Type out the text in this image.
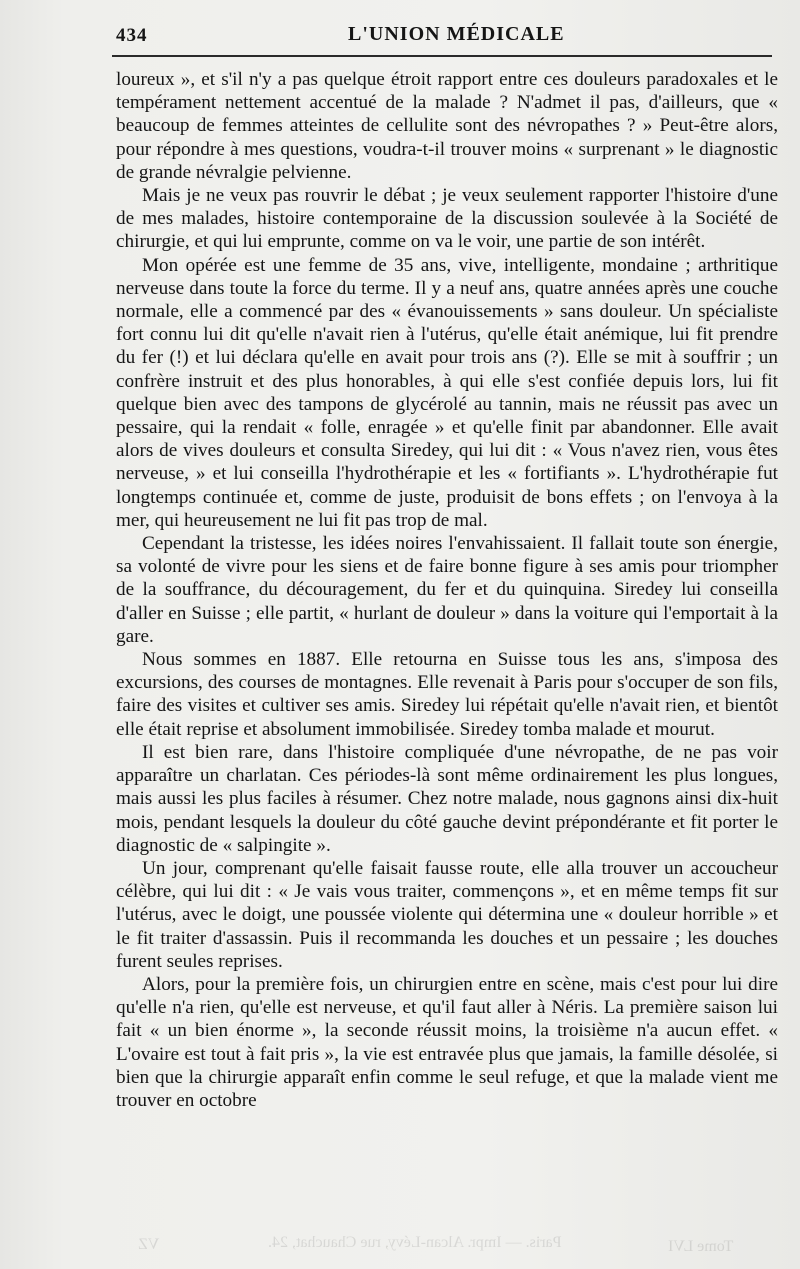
434	L'UNION MÉDICALE

loureux », et s'il n'y a pas quelque étroit rapport entre ces douleurs paradoxales et le tempérament nettement accentué de la malade ? N'admet il pas, d'ailleurs, que « beaucoup de femmes atteintes de cellulite sont des névropathes ? » Peut-être alors, pour répondre à mes questions, voudra-t-il trouver moins « surprenant » le diagnostic de grande névralgie pelvienne.

Mais je ne veux pas rouvrir le débat ; je veux seulement rapporter l'histoire d'une de mes malades, histoire contemporaine de la discussion soulevée à la Société de chirurgie, et qui lui emprunte, comme on va le voir, une partie de son intérêt.

Mon opérée est une femme de 35 ans, vive, intelligente, mondaine ; arthritique nerveuse dans toute la force du terme. Il y a neuf ans, quatre années après une couche normale, elle a commencé par des « évanouissements » sans douleur. Un spécialiste fort connu lui dit qu'elle n'avait rien à l'utérus, qu'elle était anémique, lui fit prendre du fer (!) et lui déclara qu'elle en avait pour trois ans (?). Elle se mit à souffrir ; un confrère instruit et des plus honorables, à qui elle s'est confiée depuis lors, lui fit quelque bien avec des tampons de glycérolé au tannin, mais ne réussit pas avec un pessaire, qui la rendait « folle, enragée » et qu'elle finit par abandonner. Elle avait alors de vives douleurs et consulta Siredey, qui lui dit : « Vous n'avez rien, vous êtes nerveuse, » et lui conseilla l'hydrothérapie et les « fortifiants ». L'hydrothérapie fut longtemps continuée et, comme de juste, produisit de bons effets ; on l'envoya à la mer, qui heureusement ne lui fit pas trop de mal.

Cependant la tristesse, les idées noires l'envahissaient. Il fallait toute son énergie, sa volonté de vivre pour les siens et de faire bonne figure à ses amis pour triompher de la souffrance, du découragement, du fer et du quinquina. Siredey lui conseilla d'aller en Suisse ; elle partit, « hurlant de douleur » dans la voiture qui l'emportait à la gare.

Nous sommes en 1887. Elle retourna en Suisse tous les ans, s'imposa des excursions, des courses de montagnes. Elle revenait à Paris pour s'occuper de son fils, faire des visites et cultiver ses amis. Siredey lui répétait qu'elle n'avait rien, et bientôt elle était reprise et absolument immobilisée. Siredey tomba malade et mourut.

Il est bien rare, dans l'histoire compliquée d'une névropathe, de ne pas voir apparaître un charlatan. Ces périodes-là sont même ordinairement les plus longues, mais aussi les plus faciles à résumer. Chez notre malade, nous gagnons ainsi dix-huit mois, pendant lesquels la douleur du côté gauche devint prépondérante et fit porter le diagnostic de « salpingite ».

Un jour, comprenant qu'elle faisait fausse route, elle alla trouver un accoucheur célèbre, qui lui dit : « Je vais vous traiter, commençons », et en même temps fit sur l'utérus, avec le doigt, une poussée violente qui détermina une « douleur horrible » et le fit traiter d'assassin. Puis il recommanda les douches et un pessaire ; les douches furent seules reprises.

Alors, pour la première fois, un chirurgien entre en scène, mais c'est pour lui dire qu'elle n'a rien, qu'elle est nerveuse, et qu'il faut aller à Néris. La première saison lui fait « un bien énorme », la seconde réussit moins, la troisième n'a aucun effet. « L'ovaire est tout à fait pris », la vie est entravée plus que jamais, la famille désolée, si bien que la chirurgie apparaît enfin comme le seul refuge, et que la malade vient me trouver en octobre

VZ	Paris. — Impr. Alcan-Lévy, rue Chauchat, 24.	Tome LVI
